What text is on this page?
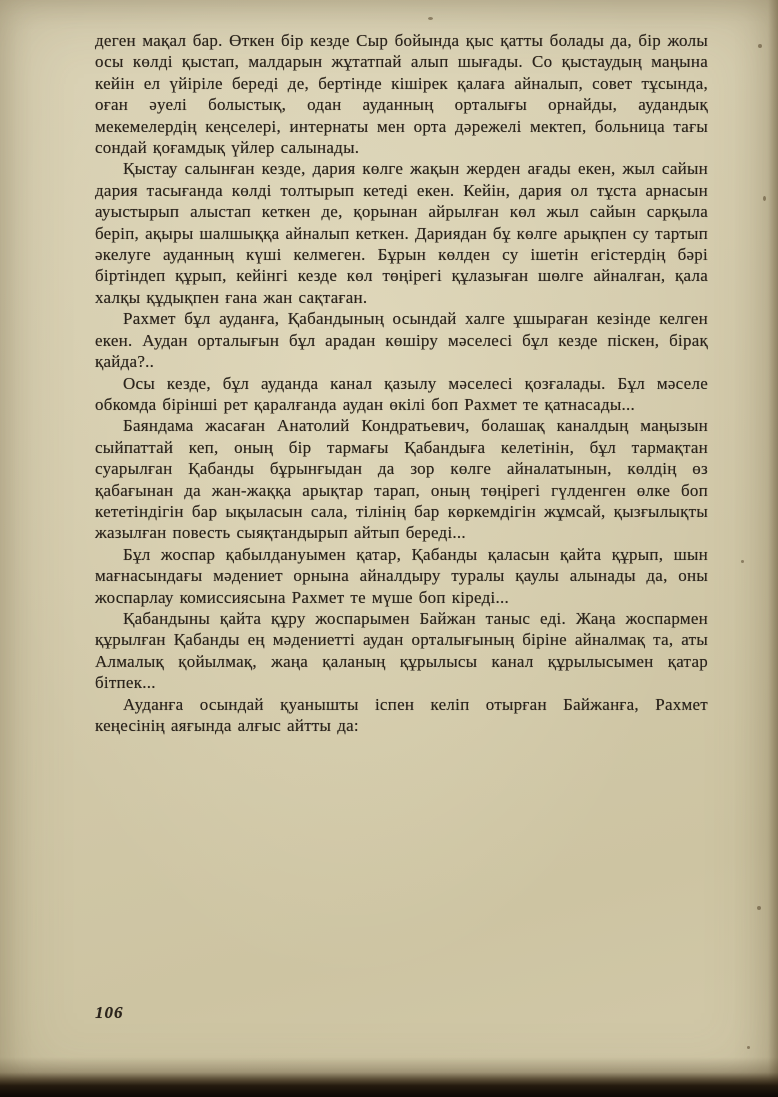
деген мақал бар. Өткен бір кезде Сыр бойында қыс қатты болады да, бір жолы осы көлді қыстап, малдарын жұтатпай алып шығады. Со қыстаудың маңына кейін ел үйіріле береді де, бертінде кішірек қалаға айналып, совет тұсында, оған әуелі болыстық, одан ауданның орталығы орнайды, аудандық мекемелердің кеңселері, интернаты мен орта дәрежелі мектеп, больница тағы сондай қоғамдық үйлер салынады.

Қыстау салынған кезде, дария көлге жақын жерден ағады екен, жыл сайын дария тасығанда көлді толтырып кетеді екен. Кейін, дария ол тұста арнасын ауыстырып алыстап кеткен де, қорынан айрылған көл жыл сайын сарқыла беріп, ақыры шалшыққа айналып кеткен. Дариядан бұ көлге арықпен су тартып әкелуге ауданның күші келмеген. Бұрын көлден су ішетін егістердің бәрі біртіндеп құрып, кейінгі кезде көл төңірегі құлазыған шөлге айналған, қала халқы құдықпен ғана жан сақтаған.

Рахмет бұл ауданға, Қабандының осындай халге ұшыраған кезінде келген екен. Аудан орталығын бұл арадан көшіру мәселесі бұл кезде піскен, бірақ қайда?..

Осы кезде, бұл ауданда канал қазылу мәселесі қозғалады. Бұл мәселе обкомда бірінші рет қаралғанда аудан өкілі боп Рахмет те қатнасады...

Баяндама жасаған Анатолий Кондратьевич, болашақ каналдың маңызын сыйпаттай кеп, оның бір тармағы Қабандыға келетінін, бұл тармақтан суарылған Қабанды бұрынғыдан да зор көлге айналатынын, көлдің өз қабағынан да жан-жаққа арықтар тарап, оның төңірегі гүлденген өлке боп кететіндігін бар ықыласын сала, тілінің бар көркемдігін жұмсай, қызғылықты жазылған повесть сыяқтандырып айтып береді...

Бұл жоспар қабылдануымен қатар, Қабанды қаласын қайта құрып, шын мағнасындағы мәдениет орнына айналдыру туралы қаулы алынады да, оны жоспарлау комиссиясына Рахмет те мүше боп кіреді...

Қабандыны қайта құру жоспарымен Байжан таныс еді. Жаңа жоспармен құрылған Қабанды ең мәдениетті аудан орталығының біріне айналмақ та, аты Алмалық қойылмақ, жаңа қаланың құрылысы канал құрылысымен қатар бітпек...

Ауданға осындай қуанышты іспен келіп отырған Байжанға, Рахмет кеңесінің аяғында алғыс айтты да:

106
